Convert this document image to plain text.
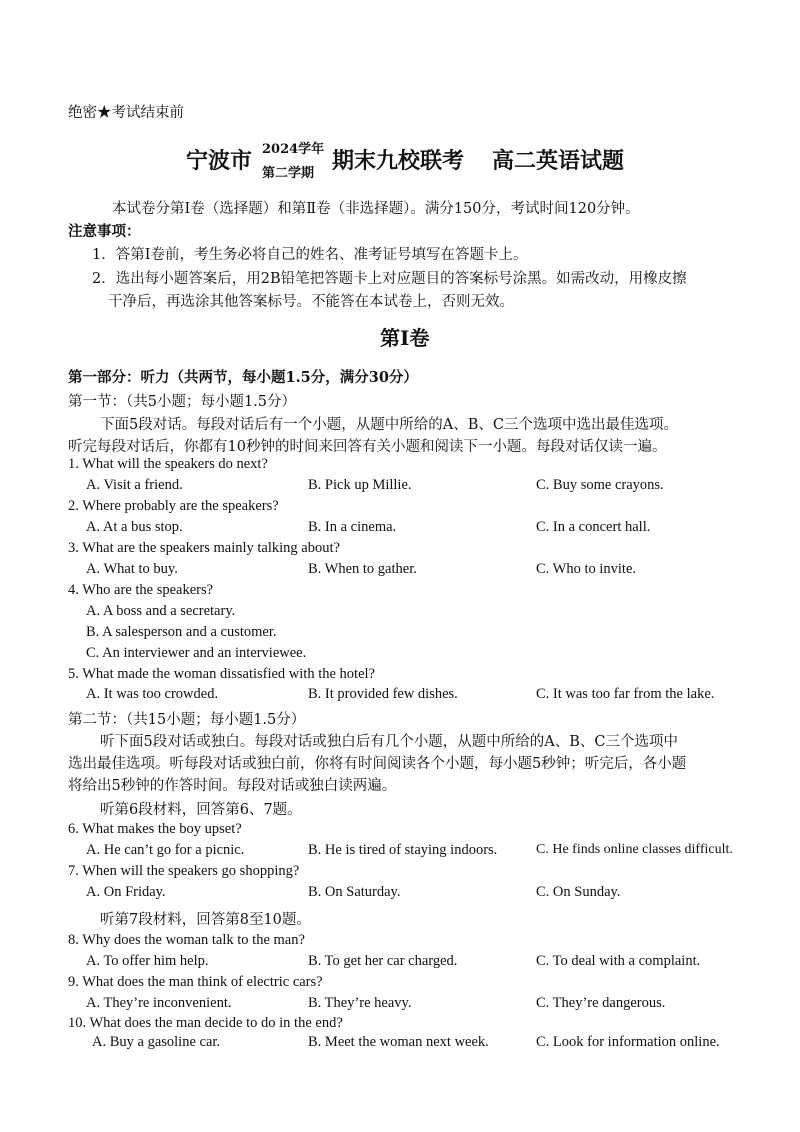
绝密★考试结束前
宁波市 2024学年
第二学期 期末九校联考 高二英语试题
本试卷分第Ⅰ卷（选择题）和第Ⅱ卷（非选择题）。满分150分，考试时间120分钟。
注意事项：
1．答第Ⅰ卷前，考生务必将自己的姓名、准考证号填写在答题卡上。
2．选出每小题答案后，用2B铅笔把答题卡上对应题目的答案标号涂黑。如需改动，用橡皮擦
干净后，再选涂其他答案标号。不能答在本试卷上，否则无效。
第Ⅰ卷
第一部分：听力（共两节，每小题1.5分，满分30分）
第一节：（共5小题；每小题1.5分）
下面5段对话。每段对话后有一个小题，从题中所给的A、B、C三个选项中选出最佳选项。
听完每段对话后，你都有10秒钟的时间来回答有关小题和阅读下一小题。每段对话仅读一遍。
1. What will the speakers do next?
A. Visit a friend.	B. Pick up Millie.	C. Buy some crayons.
2. Where probably are the speakers?
A. At a bus stop.	B. In a cinema.	C. In a concert hall.
3. What are the speakers mainly talking about?
A. What to buy.	B. When to gather.	C. Who to invite.
4. Who are the speakers?
A. A boss and a secretary.
B. A salesperson and a customer.
C. An interviewer and an interviewee.
5. What made the woman dissatisfied with the hotel?
A. It was too crowded.	B. It provided few dishes.	C. It was too far from the lake.
第二节：（共15小题；每小题1.5分）
听下面5段对话或独白。每段对话或独白后有几个小题，从题中所给的A、B、C三个选项中
选出最佳选项。听每段对话或独白前，你将有时间阅读各个小题，每小题5秒钟；听完后，各小题
将给出5秒钟的作答时间。每段对话或独白读两遍。
听第6段材料，回答第6、7题。
6. What makes the boy upset?
A. He can’t go for a picnic.	B. He is tired of staying indoors.	C. He finds online classes difficult.
7. When will the speakers go shopping?
A. On Friday.	B. On Saturday.	C. On Sunday.
听第7段材料，回答第8至10题。
8. Why does the woman talk to the man?
A. To offer him help.	B. To get her car charged.	C. To deal with a complaint.
9. What does the man think of electric cars?
A. They’re inconvenient.	B. They’re heavy.	C. They’re dangerous.
10. What does the man decide to do in the end?
A. Buy a gasoline car.	B. Meet the woman next week.	C. Look for information online.
